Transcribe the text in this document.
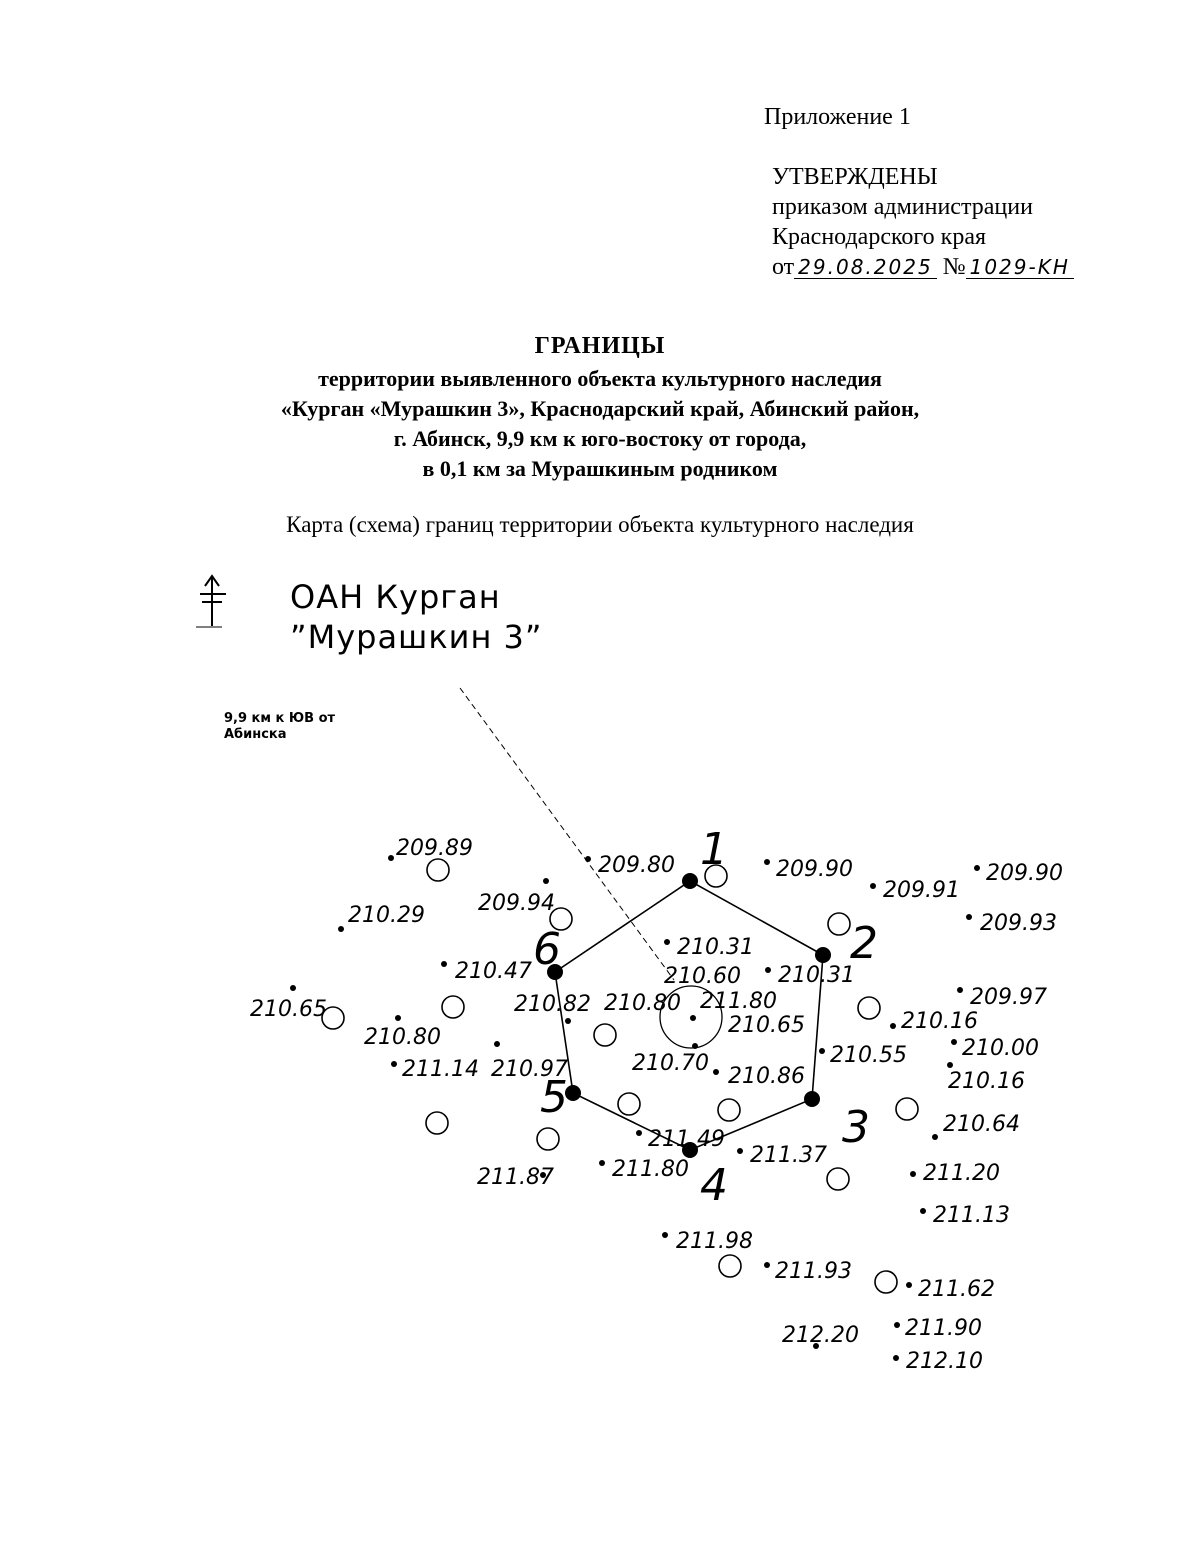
Приложение 1
УТВЕРЖДЕНЫ
приказом администрации
Краснодарского края
от 29.08.2025 № 1029-KH
ГРАНИЦЫ
территории выявленного объекта культурного наследия
«Курган «Мурашкин 3», Краснодарский край, Абинский район,
г. Абинск, 9,9 км к юго-востоку от города,
в 0,1 км за Мурашкиным родником
Карта (схема) границ территории объекта культурного наследия
ОАН Курган
”Мурашкин 3”
9,9 км к ЮВ от
Абинска
209.89
209.80	209.90
209.91
209.90
209.94
210.29	209.93
210.31
210.47	210.60 210.31
210.82 210.80 211.80
210.65
210.65
209.97
210.16
210.80	210.00
211.14 210.97	210.70
210.86
210.55
210.16
210.64
211.49
211.37
211.80
211.87	211.20
211.13
211.98
211.93
211.62
212.20 211.90
212.10
1
2
3
4
5
6
